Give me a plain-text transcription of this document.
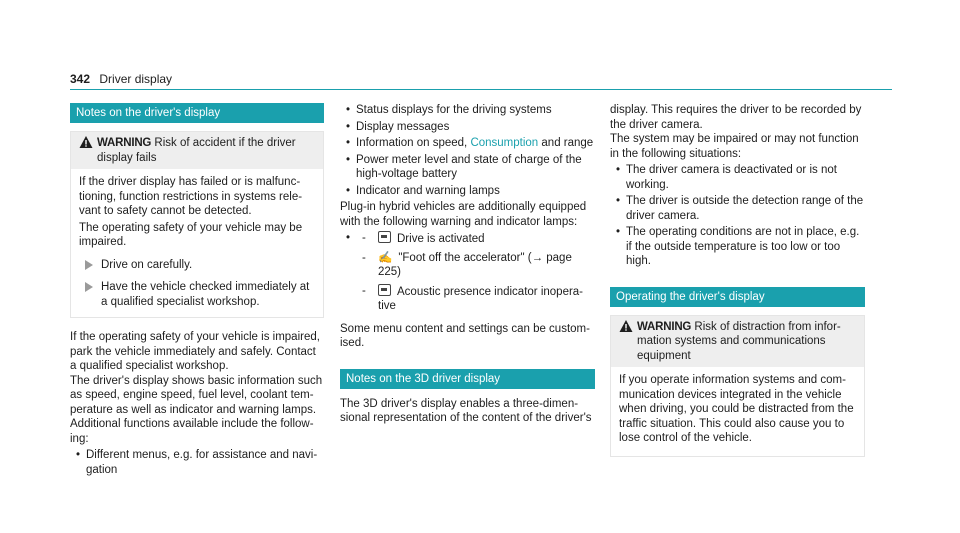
342 Driver display
Notes on the driver's display
WARNING Risk of accident if the driver display fails

If the driver display has failed or is malfunc-tioning, function restrictions in systems rele-vant to safety cannot be detected.

The operating safety of your vehicle may be impaired.

Drive on carefully.
Have the vehicle checked immediately at a qualified specialist workshop.

If the operating safety of your vehicle is impaired, park the vehicle immediately and safely. Contact a qualified specialist workshop.

The driver's display shows basic information such as speed, engine speed, fuel level, coolant tem-perature as well as indicator and warning lamps.

Additional functions available include the follow-ing:

• Different menus, e.g. for assistance and navi-gation
• Status displays for the driving systems
• Display messages
• Information on speed, Consumption and range
• Power meter level and state of charge of the high-voltage battery
• Indicator and warning lamps

Plug-in hybrid vehicles are additionally equipped with the following warning and indicator lamps:

• -	Drive is activated
- ✍ "Foot off the accelerator" (→ page 225)
-	Acoustic presence indicator inopera-tive

Some menu content and settings can be custom-ised.

Notes on the 3D driver display

The 3D driver's display enables a three-dimen-sional representation of the content of the driver's

display. This requires the driver to be recorded by the driver camera.

The system may be impaired or may not function in the following situations:

• The driver camera is deactivated or is not working.
• The driver is outside the detection range of the driver camera.
• The operating conditions are not in place, e.g. if the outside temperature is too low or too high.
Operating the driver's display
WARNING Risk of distraction from infor-mation systems and communications equipment

If you operate information systems and com-munication devices integrated in the vehicle when driving, you could be distracted from the traffic situation. This could also cause you to lose control of the vehicle.
